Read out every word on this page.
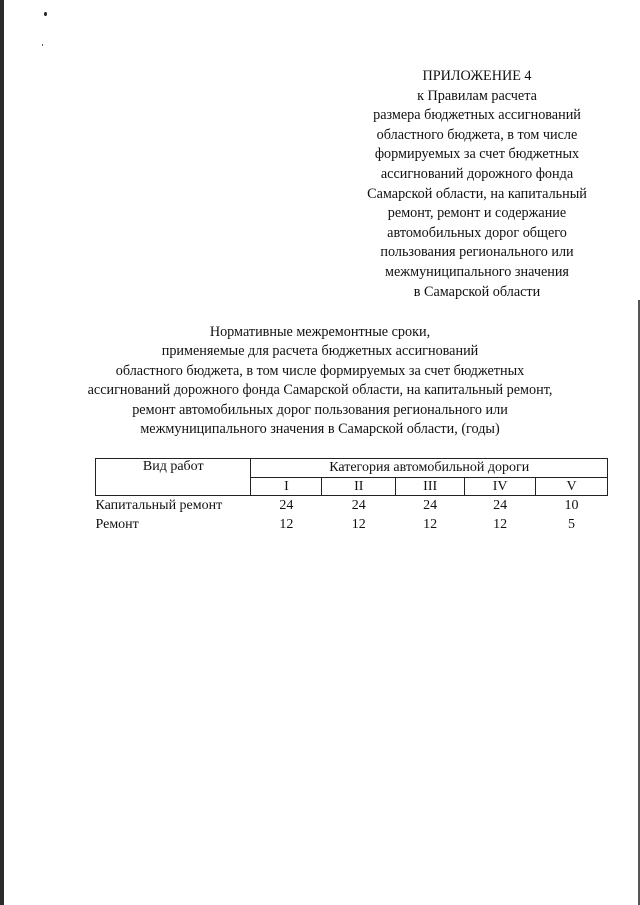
ПРИЛОЖЕНИЕ 4
к Правилам расчета
размера бюджетных ассигнований
областного бюджета, в том числе
формируемых за счет бюджетных
ассигнований дорожного фонда
Самарской области, на капитальный
ремонт, ремонт и содержание
автомобильных дорог общего
пользования регионального или
межмуниципального значения
в Самарской области
Нормативные межремонтные сроки,
применяемые для расчета бюджетных ассигнований
областного бюджета, в том числе формируемых за счет бюджетных
ассигнований дорожного фонда Самарской области, на капитальный ремонт,
ремонт автомобильных дорог пользования регионального или
межмуниципального значения в Самарской области, (годы)
Вид работ	Категория автомобильной дороги				
	I	II	III	IV	V
Капитальный ремонт	24	24	24	24	10
Ремонт	12	12	12	12	5
